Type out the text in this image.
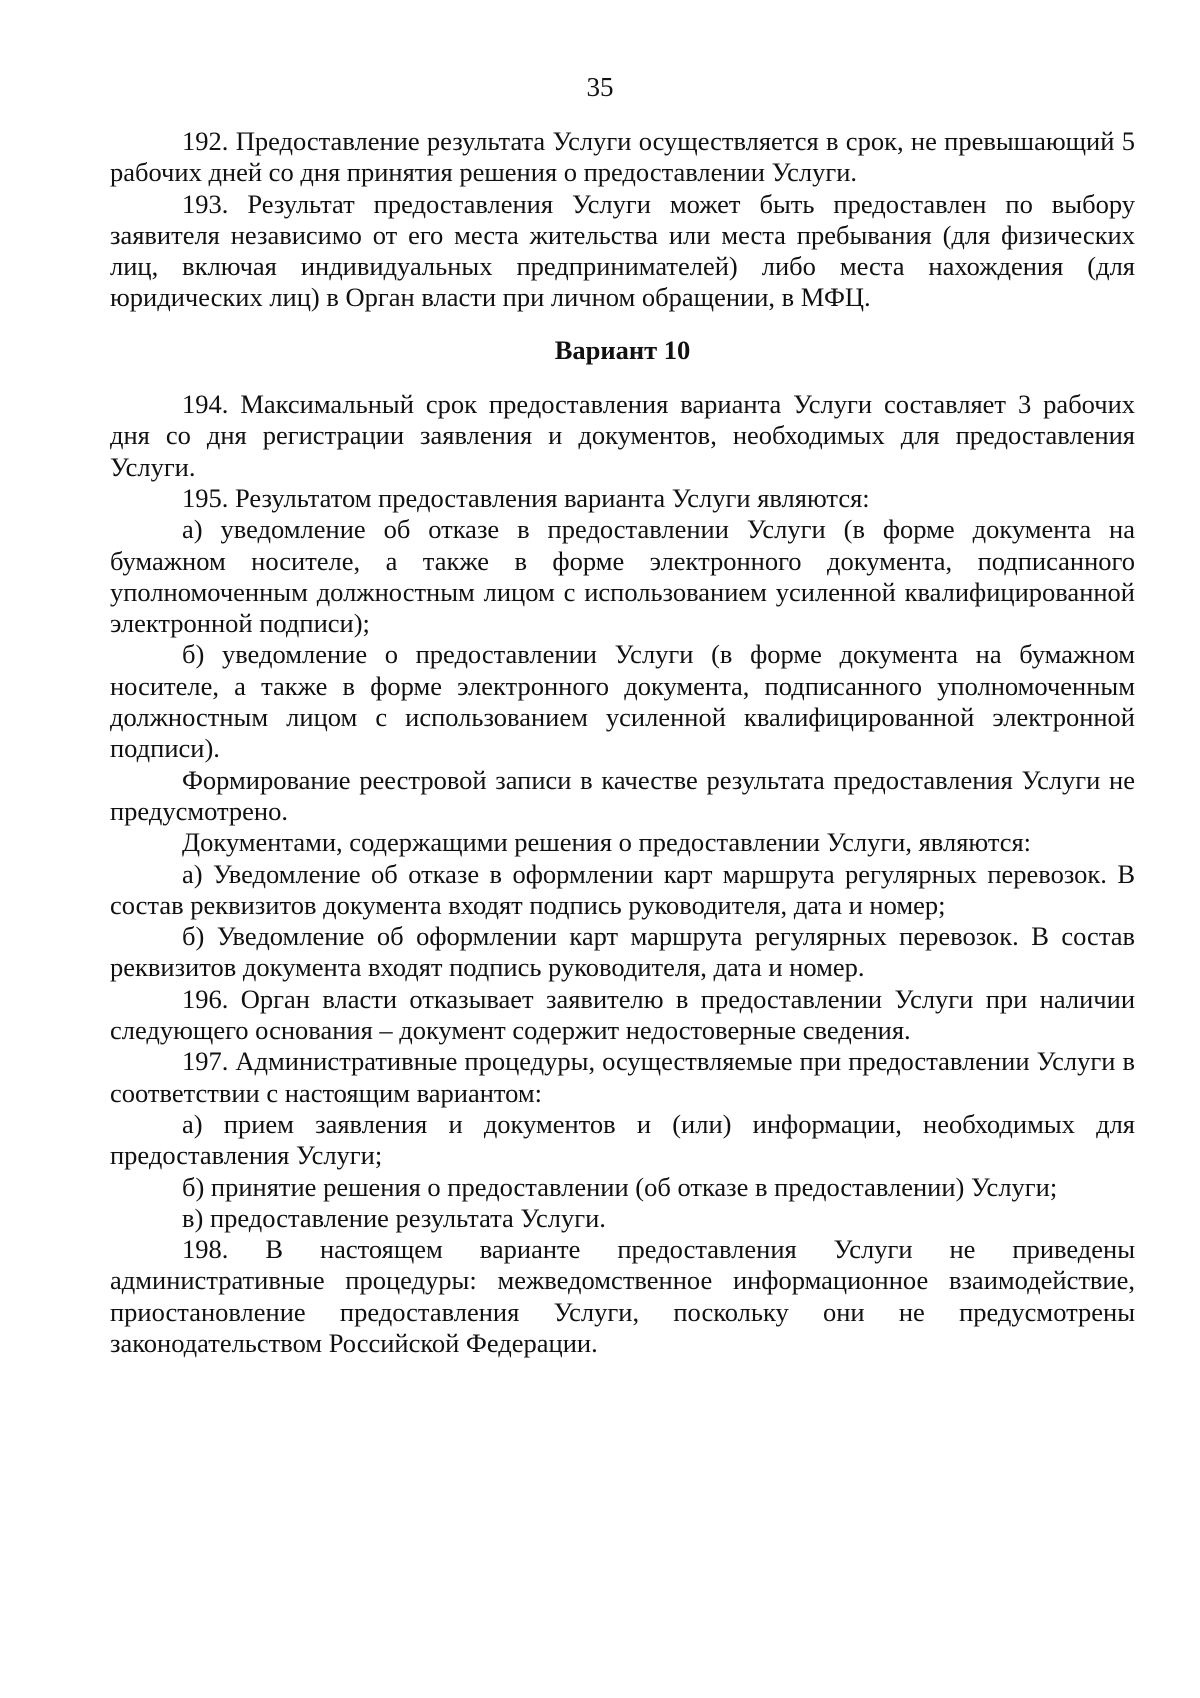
35

192. Предоставление результата Услуги осуществляется в срок, не превышающий 5 рабочих дней со дня принятия решения о предоставлении Услуги.

193. Результат предоставления Услуги может быть предоставлен по выбору заявителя независимо от его места жительства или места пребывания (для физических лиц, включая индивидуальных предпринимателей) либо места нахождения (для юридических лиц) в Орган власти при личном обращении, в МФЦ.

Вариант 10

194. Максимальный срок предоставления варианта Услуги составляет 3 рабочих дня со дня регистрации заявления и документов, необходимых для предоставления Услуги.

195. Результатом предоставления варианта Услуги являются:

а) уведомление об отказе в предоставлении Услуги (в форме документа на бумажном носителе, а также в форме электронного документа, подписанного уполномоченным должностным лицом с использованием усиленной квалифицированной электронной подписи);

б) уведомление о предоставлении Услуги (в форме документа на бумажном носителе, а также в форме электронного документа, подписанного уполномоченным должностным лицом с использованием усиленной квалифицированной электронной подписи).

Формирование реестровой записи в качестве результата предоставления Услуги не предусмотрено.

Документами, содержащими решения о предоставлении Услуги, являются:

а) Уведомление об отказе в оформлении карт маршрута регулярных перевозок. В состав реквизитов документа входят подпись руководителя, дата и номер;

б) Уведомление об оформлении карт маршрута регулярных перевозок. В состав реквизитов документа входят подпись руководителя, дата и номер.

196. Орган власти отказывает заявителю в предоставлении Услуги при наличии следующего основания – документ содержит недостоверные сведения.

197. Административные процедуры, осуществляемые при предоставлении Услуги в соответствии с настоящим вариантом:

а) прием заявления и документов и (или) информации, необходимых для предоставления Услуги;

б) принятие решения о предоставлении (об отказе в предоставлении) Услуги;

в) предоставление результата Услуги.

198. В настоящем варианте предоставления Услуги не приведены административные процедуры: межведомственное информационное взаимодействие, приостановление предоставления Услуги, поскольку они не предусмотрены законодательством Российской Федерации.
